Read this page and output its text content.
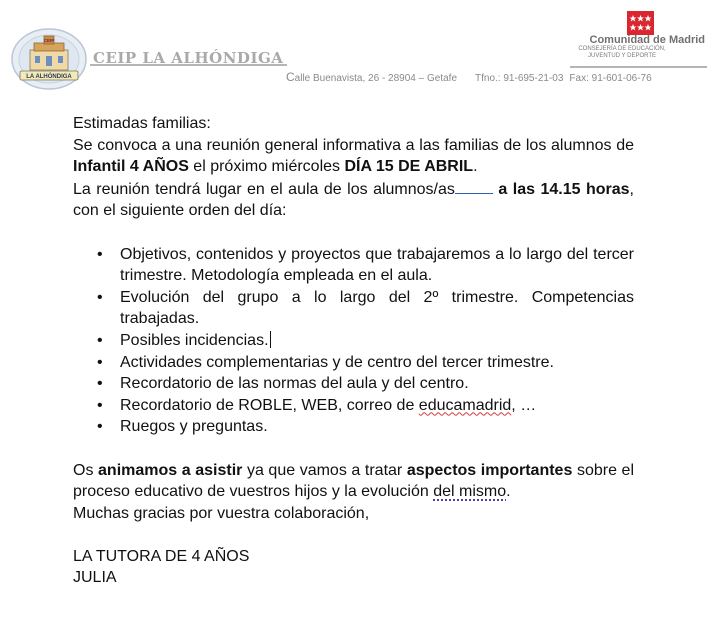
CEIP
LA ALHÓNDIGA
CEIP LA ALHÓNDIGA
Comunidad de Madrid
CONSEJERÍA DE EDUCACIÓN,
JUVENTUD Y DEPORTE
Calle Buenavista, 26 - 28904 – Getafe Tfno.: 91-695-21-03 Fax: 91-601-06-76

Estimadas familias:

Se convoca a una reunión general informativa a las familias de los alumnos de Infantil 4 AÑOS el próximo miércoles DÍA 15 DE ABRIL.

La reunión tendrá lugar en el aula de los alumnos/as	a las 14.15 horas, con el siguiente orden del día:

• Objetivos, contenidos y proyectos que trabajaremos a lo largo del tercer trimestre. Metodología empleada en el aula.
• Evolución del grupo a lo largo del 2º trimestre. Competencias trabajadas.
• Posibles incidencias.
• Actividades complementarias y de centro del tercer trimestre.
• Recordatorio de las normas del aula y del centro.
• Recordatorio de ROBLE, WEB, correo de educamadrid, …
• Ruegos y preguntas.

Os animamos a asistir ya que vamos a tratar aspectos importantes sobre el proceso educativo de vuestros hijos y la evolución del mismo.

Muchas gracias por vuestra colaboración,

LA TUTORA DE 4 AÑOS

JULIA
